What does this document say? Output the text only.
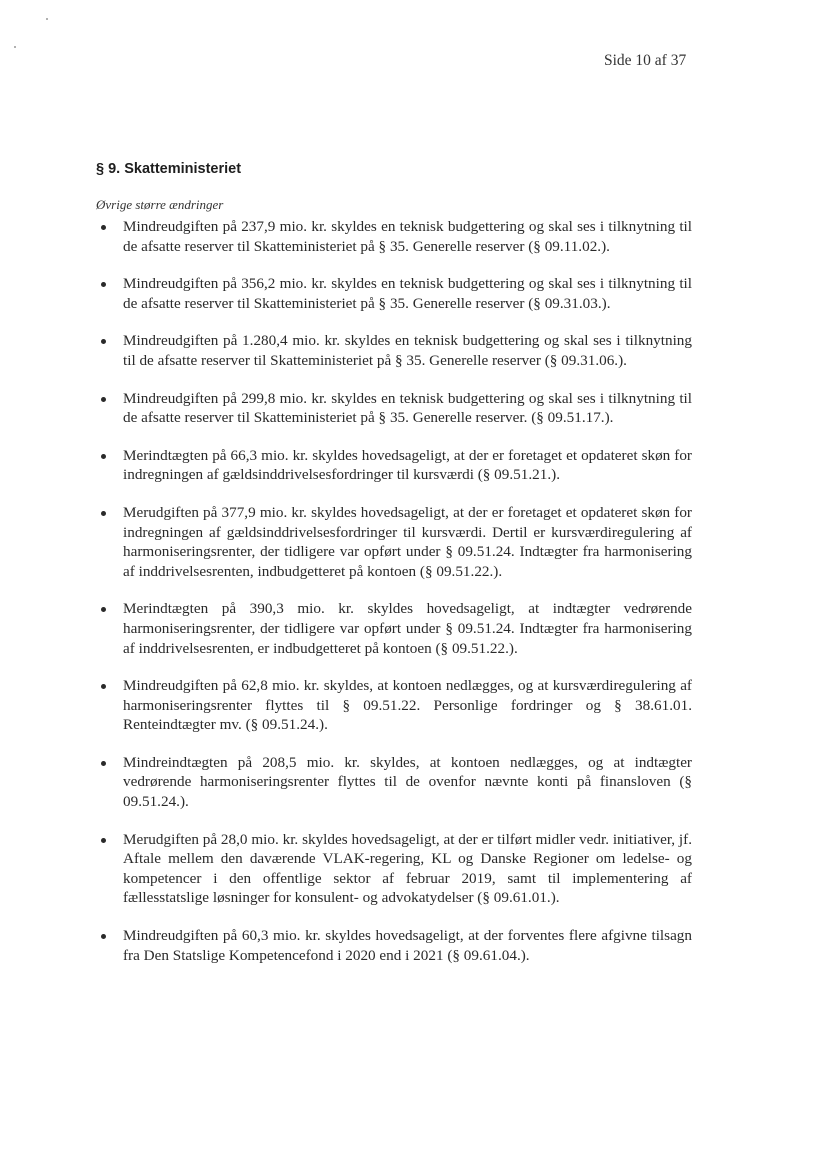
Side 10 af 37
§ 9. Skatteministeriet
Øvrige større ændringer
Mindreudgiften på 237,9 mio. kr. skyldes en teknisk budgettering og skal ses i tilknytning til de afsatte reserver til Skatteministeriet på § 35. Generelle reserver (§ 09.11.02.).
Mindreudgiften på 356,2 mio. kr. skyldes en teknisk budgettering og skal ses i tilknytning til de afsatte reserver til Skatteministeriet på § 35. Generelle reserver (§ 09.31.03.).
Mindreudgiften på 1.280,4 mio. kr. skyldes en teknisk budgettering og skal ses i tilknytning til de afsatte reserver til Skatteministeriet på § 35. Generelle reserver (§ 09.31.06.).
Mindreudgiften på 299,8 mio. kr. skyldes en teknisk budgettering og skal ses i tilknytning til de afsatte reserver til Skatteministeriet på § 35. Generelle reserver. (§ 09.51.17.).
Merindtægten på 66,3 mio. kr. skyldes hovedsageligt, at der er foretaget et opdateret skøn for indregningen af gældsinddrivelsesfordringer til kursværdi (§ 09.51.21.).
Merudgiften på 377,9 mio. kr. skyldes hovedsageligt, at der er foretaget et opdateret skøn for indregningen af gældsinddrivelsesfordringer til kursværdi. Dertil er kursværdiregulering af harmoniseringsrenter, der tidligere var opført under § 09.51.24. Indtægter fra harmonisering af inddrivelsesrenten, indbudgetteret på kontoen (§ 09.51.22.).
Merindtægten på 390,3 mio. kr. skyldes hovedsageligt, at indtægter vedrørende harmoniseringsrenter, der tidligere var opført under § 09.51.24. Indtægter fra harmonisering af inddrivelsesrenten, er indbudgetteret på kontoen (§ 09.51.22.).
Mindreudgiften på 62,8 mio. kr. skyldes, at kontoen nedlægges, og at kursværdiregulering af harmoniseringsrenter flyttes til § 09.51.22. Personlige fordringer og § 38.61.01. Renteindtægter mv. (§ 09.51.24.).
Mindreindtægten på 208,5 mio. kr. skyldes, at kontoen nedlægges, og at indtægter vedrørende harmoniseringsrenter flyttes til de ovenfor nævnte konti på finansloven (§ 09.51.24.).
Merudgiften på 28,0 mio. kr. skyldes hovedsageligt, at der er tilført midler vedr. initiativer, jf. Aftale mellem den daværende VLAK-regering, KL og Danske Regioner om ledelse- og kompetencer i den offentlige sektor af februar 2019, samt til implementering af fællesstatslige løsninger for konsulent- og advokatydelser (§ 09.61.01.).
Mindreudgiften på 60,3 mio. kr. skyldes hovedsageligt, at der forventes flere afgivne tilsagn fra Den Statslige Kompetencefond i 2020 end i 2021 (§ 09.61.04.).
